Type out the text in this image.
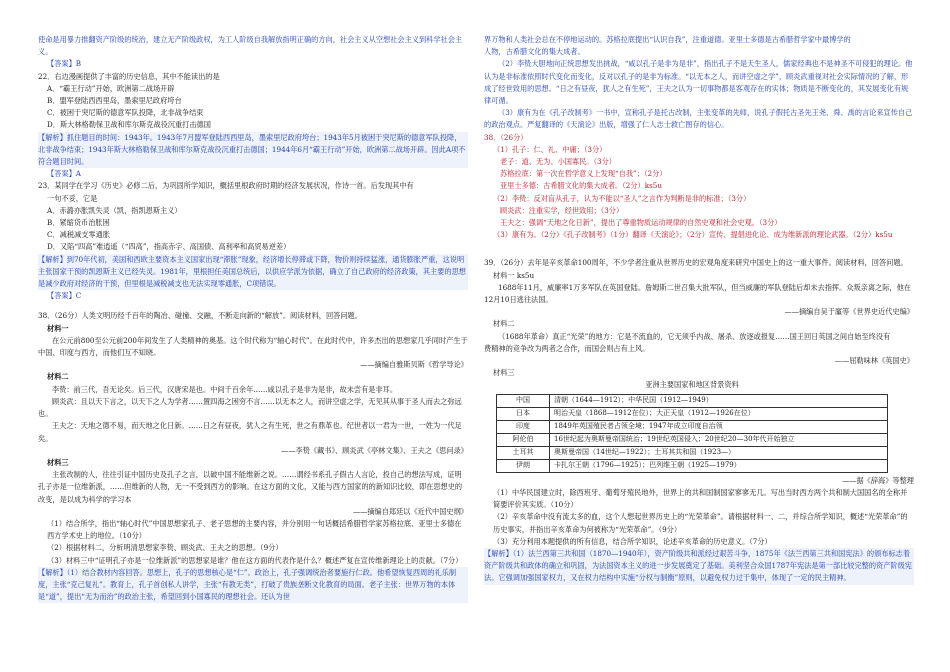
使命是用暴力推翻资产阶级的统治，建立无产阶级政权，为工人阶级自我解放指明正确的方向，社会主义从空想社会主义到科学社会主义。

【答案】B

22．右边漫画提供了丰富的历史信息，其中不能读出的是

A．“霸王行动”开始，欧洲第二战场开辟

B．盟军登陆西西里岛，墨索里尼政府垮台

C．被困于突尼斯的德意军队投降，北非战争结束

D．斯大林格勒保卫战和库尔斯克战役沉重打击德国

【解析】抓住题目的时间：1943年。1943年7月盟军登陆西西里岛，墨索里尼政府垮台；1943年5月被困于突尼斯的德意军队投降，北非战争结束；1943年斯大林格勒保卫战和库尔斯克战役沉重打击德国；1944年6月“霸王行动”开始，欧洲第二战场开辟。因此A项不符合题目时间。

【答案】A

23．某同学在学习《历史》必修二后，为巩固所学知识，概括里根政府时期的经济发展状况，作诗一首。后发现其中有

一句不妥，它是

A．赤潞亦胀凯失灵（凯，指凯恩斯主义）

B．紧缩货币治胀困

C．减税减支零通胀

D．又陷“四高”难逍遥（“四高”，指高赤字、高国债、高利率和高贸易逆差）

【解析】到70年代初，美国和西欧主要资本主义国家出现“滞胀”现象，经济增长停滞或下降，物价则持续猛涨，通货膨胀严重，这说明主张国家干预的凯恩斯主义已经失灵。1981年，里根担任美国总统后，以供应学派为依据，确立了自己政府的经济政策，其主要的思想是减少政府对经济的干预，但里根是减税减支也无法实现零通胀，C项错误。

【答案】C

38．（26分）人类文明历经千百年的陶冶、碰撞、交融，不断走向新的“解放”。阅读材料，回答问题。

材料一

在公元前800至公元前200年间发生了人类精神的奥基。这个时代称为“轴心时代”。在此时代中，许多杰出的思想家几乎同时产生于中国、印度与西方，而他们互不知晓。

——摘编自雅斯贝斯《哲学导论》

材料二

李贽：前三代，吾无论矣。后三代，汉唐宋是也。中间千百余年……咸以孔子是非为是非，故未尝有是非耳。

顾炎武：且以天下言之，以天下之人为学者……置四海之困穷不言……以无本之人，而讲空虚之学，无见其从事于圣人而去之弥远也。

王夫之：天地之德不易，而天地之化日新。……日之有昼夜，犹人之有生死，世之有鼎革也。纪世者以一君为一世，一姓为一代足矣。

——李贽《藏书》、顾炎武《亭林文集》、王夫之《思问录》

材料三

主张改制的人，往往引证中国历史及孔子之言，以破中国不能维新之说。……谓经书系孔子假古人言论，投自己的想法写成，证明孔子亦是一位维新派，……但维新的人物，无一不受到西方的影响。在这方面的文化，又能与西方国家的的新知识比较，即在思想史的改变，是以成为科学的学习本

——摘编自郑廷以《近代中国史纲》

（1）结合所学，指出“轴心时代”中国思想家孔子、老子思想的主要内容，并分别用一句话概括希腊哲学家苏格拉底、亚里士多德在西方学术史上的地位。（10分）

（2）根据材料二，分析明清思想家李贽、顾炎武、王夫之的思想。（9分）

（3）材料三中“证明孔子亦是一位维新派”的思想家是谁？他在这方面的代表作是什么？概述严复在宣传维新理论上的贡献。（7分）

【解析】（1）结合教材内容回答。思想上，孔子的思想核心是“仁”。政治上，孔子强调统治者要施行仁政。他希望恢复西周的礼乐制度，主张“克己复礼”。教育上，孔子首创私人讲学，主张“有教无类”，打破了贵族垄断文化教育的局面。老子主张：世界万物的本体是“道”，提出“无为而治”的政治主张，希望回到小国寡民的理想社会。还认为世

界万物和人类社会总在不停地运动的。苏格拉底提出“认识自我”，注重道德。亚里士多德是古希腊哲学家中最博学的

人物，古希腊文化的集大成者。

（2）李贽大胆地向正统思想发出挑战，“咸以孔子是非为是非”，指出孔子不是天生圣人，儒家经典也不是神圣不可侵犯的理论。他认为是非标准依照时代变化而变化，反对以孔子的是非为标准。“以无本之人，而讲空虚之学”，顾炎武重视对社会实际情况的了解，形成了经世致用的思想。“日之有昼夜，犹人之有生死”，王夫之认为一切事物都是客观存在的实体；物质是不断变化的，其发展变化有规律可循。

（3）康有为在《孔子改制考》一书中，宣称孔子是托古改制，主张变革的先师，说孔子假托古圣先王尧、舜、禹的言论来宣传自己的政治观点。严复翻译的《天演论》出版，增强了仁人志士救亡图存的信心。

38．（26分）

（1）孔子：仁、礼、中庸；（3分）

老子：道、无为、小国寡民。（3分）

苏格拉底：第一次在哲学意义上发现“自我”；（2分）

亚里士多德：古希腊文化的集大成者。（2分）ks5u

（2）李贽：反对盲从孔子，认为不能以“圣人”之言作为判断是非的标准；（3分）

顾炎武：注重实学，经世致用；（3分）

王夫之：强调“天地之化日新”，提出了尊重物质运动规律的自然史观和社会史观。（3分）

（3）康有为。（2分）《孔子改制考》（1分）翻译《天演论》；（2分）宣传、提倡进化论、成为维新派的理论武器。（2分）ks5u

39．（26分）去年是辛亥革命100周年，不少学者注重从世界历史的宏观角度来研究中国史上的这一重大事件。阅读材料，回答问题。

材料一 ks5u

1688年11月，威廉率1万多军队在英国登陆。詹姆斯二世召集大批军队，但当威廉的军队登陆后却未去指挥。众叛亲离之际，他在12月10日逃往法国。

——摘编自吴于廑等《世界史近代史编》

材料二

（1688年革命）真正“光荣”的地方：它是不流血的，它无须乎内战、屠杀、放逐或报复……国王回日英国之间自始至终没有

费精神的竞争改为两者之合作，而国会则占有上风。

——屈勒味林《英国史》

材料三

亚洲主要国家和地区背景资料

中国	清朝（1644—1912）；中华民国（1912—1949）
日本	明治天皇（1868—1912在位）；大正天皇（1912—1926在位）
印度	1849年英国殖民者占领全境；1947年成立印度自治领
阿伦伯	16世纪起为奥斯曼帝国统治；19世纪英国侵入；20世纪20—30年代开始独立
土耳其	奥斯曼帝国（14世纪—1922）；土耳其共和国（1923—）
伊朗	卡扎尔王朝（1796—1925）；巴列维王朝（1925—1979）

——据《辞海》等整理

（1）中华民国建立时，除西班牙、葡萄牙殖民地外，世界上的共和国制国家寥寥无几。写出当时西方两个共和制大国国名的全称并简要评价其实质。（10分）

（2）辛亥革命中没有流太多的血，这个人想起世界历史上的“光荣革命”。请根据材料一、二，并综合所学知识，概述“光荣革命”的历史事实，并指出辛亥革命为何被称为“光荣革命”。（9分）

（3）充分利用本题提供的所有信息，结合所学知识，论述辛亥革命的历史意义。（7分）

【解析】（1）法兰西第三共和国（1870—1940年），资产阶级共和派经过艰苦斗争，1875年《法兰西第三共和国宪法》的颁布标志着资产阶级共和政体的确立和巩固，为法国资本主义的进一步发展奠定了基础。美利坚合众国1787年宪法是第一部比较完整的资产阶级宪法。它强调加强国家权力，又在权力结构中实施“分权与制衡”原则，以避免权力过于集中，体现了一定的民主精神。
